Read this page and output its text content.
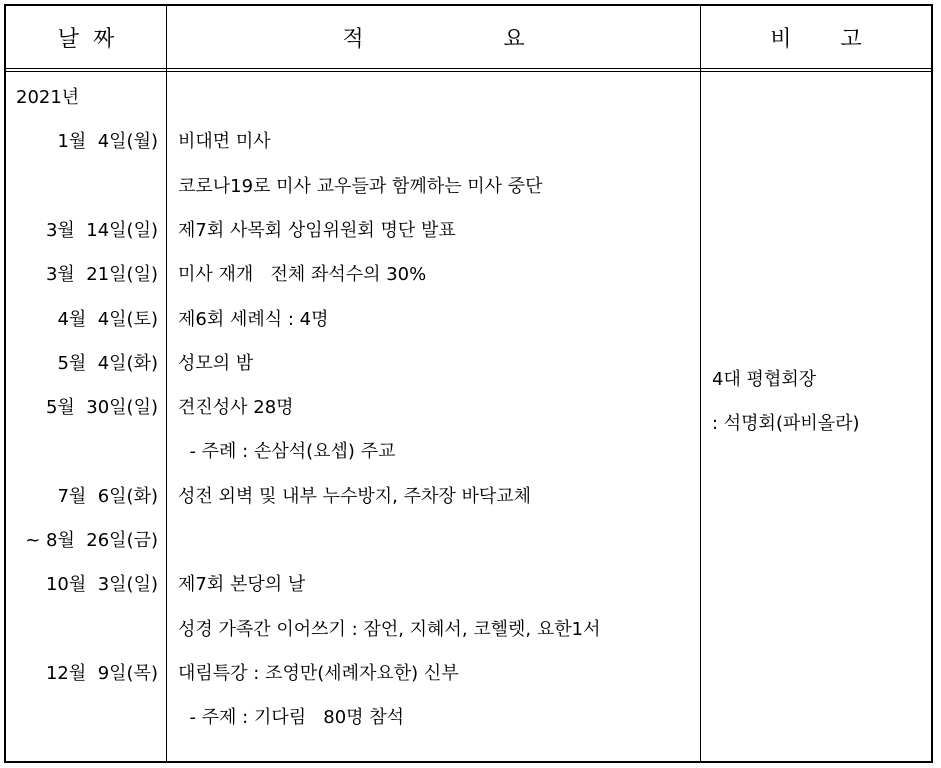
날  짜	적                    요	비       고
2021년
1월  4일(월) 비대면 미사
코로나19로 미사 교우들과 함께하는 미사 중단
3월  14일(일) 제7회 사목회 상임위원회 명단 발표
3월  21일(일) 미사 재개   전체 좌석수의 30%
4월  4일(토) 제6회 세례식 : 4명
5월  4일(화) 성모의 밤
5월  30일(일) 견진성사 28명
- 주례 : 손삼석(요셉) 주교
7월  6일(화) 성전 외벽 및 내부 누수방지, 주차장 바닥교체
~ 8월  26일(금)
10월  3일(일) 제7회 본당의 날
성경 가족간 이어쓰기 : 잠언, 지혜서, 코헬렛, 요한1서
12월  9일(목) 대림특강 : 조영만(세례자요한) 신부
- 주제 : 기다림   80명 참석
4대 평협회장
: 석명회(파비올라)
